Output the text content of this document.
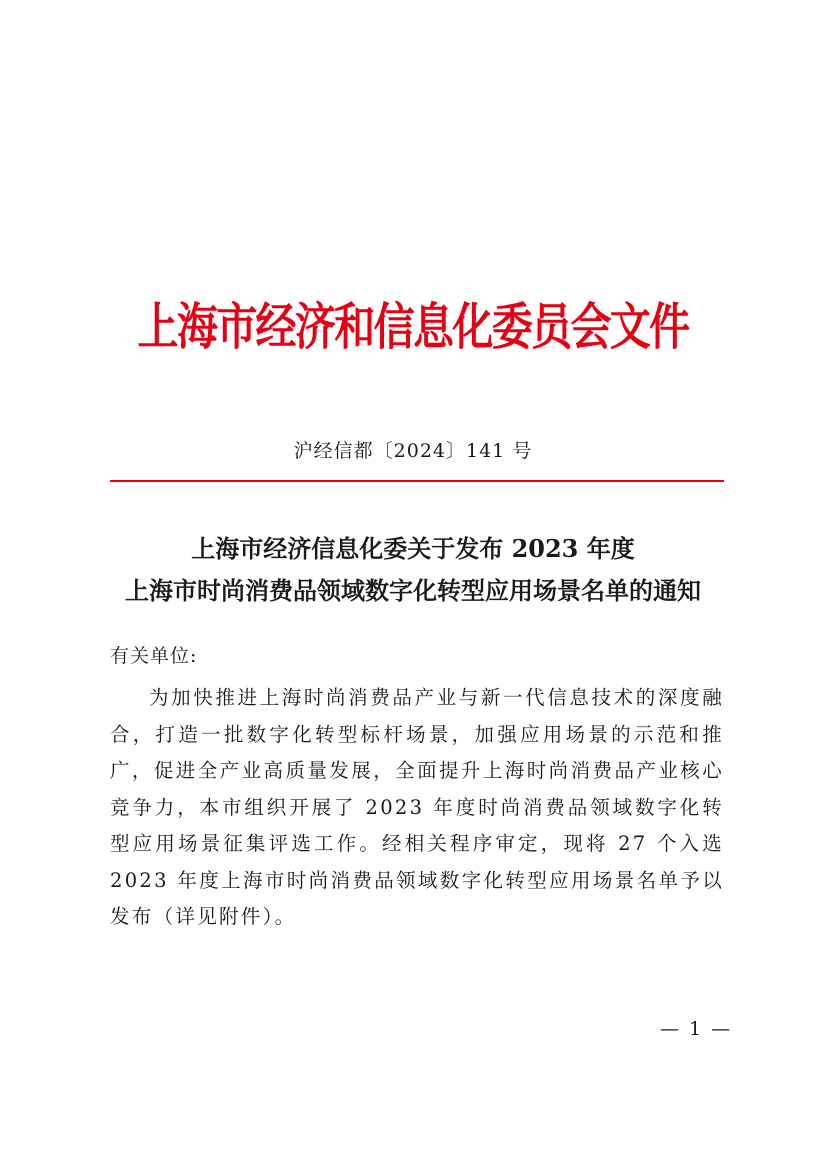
上海市经济和信息化委员会文件
沪经信都〔2024〕141 号
上海市经济信息化委关于发布 2023 年度
上海市时尚消费品领域数字化转型应用场景名单的通知
有关单位:
为加快推进上海时尚消费品产业与新一代信息技术的深度融合，打造一批数字化转型标杆场景，加强应用场景的示范和推广，促进全产业高质量发展，全面提升上海时尚消费品产业核心竞争力，本市组织开展了 2023 年度时尚消费品领域数字化转型应用场景征集评选工作。经相关程序审定，现将 27 个入选 2023 年度上海市时尚消费品领域数字化转型应用场景名单予以发布（详见附件）。
— 1 —
